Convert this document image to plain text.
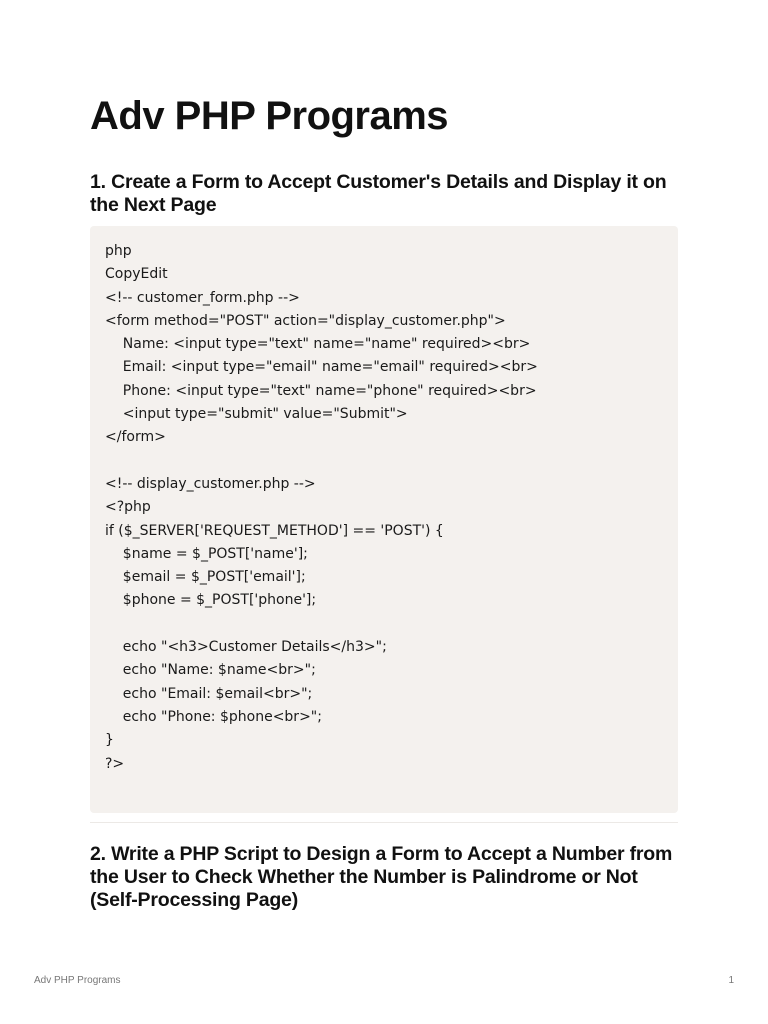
Adv PHP Programs
1. Create a Form to Accept Customer's Details and Display it on the Next Page
php
CopyEdit
<!-- customer_form.php -->
<form method="POST" action="display_customer.php">
Name: <input type="text" name="name" required><br>
Email: <input type="email" name="email" required><br>
Phone: <input type="text" name="phone" required><br>
<input type="submit" value="Submit">
</form>
<!-- display_customer.php -->
<?php
if ($_SERVER['REQUEST_METHOD'] == 'POST') {
$name = $_POST['name'];
$email = $_POST['email'];
$phone = $_POST['phone'];
echo "<h3>Customer Details</h3>";
echo "Name: $name<br>";
echo "Email: $email<br>";
echo "Phone: $phone<br>";
}
?>
2. Write a PHP Script to Design a Form to Accept a Number from the User to Check Whether the Number is Palindrome or Not (Self-Processing Page)
Adv PHP Programs	1
